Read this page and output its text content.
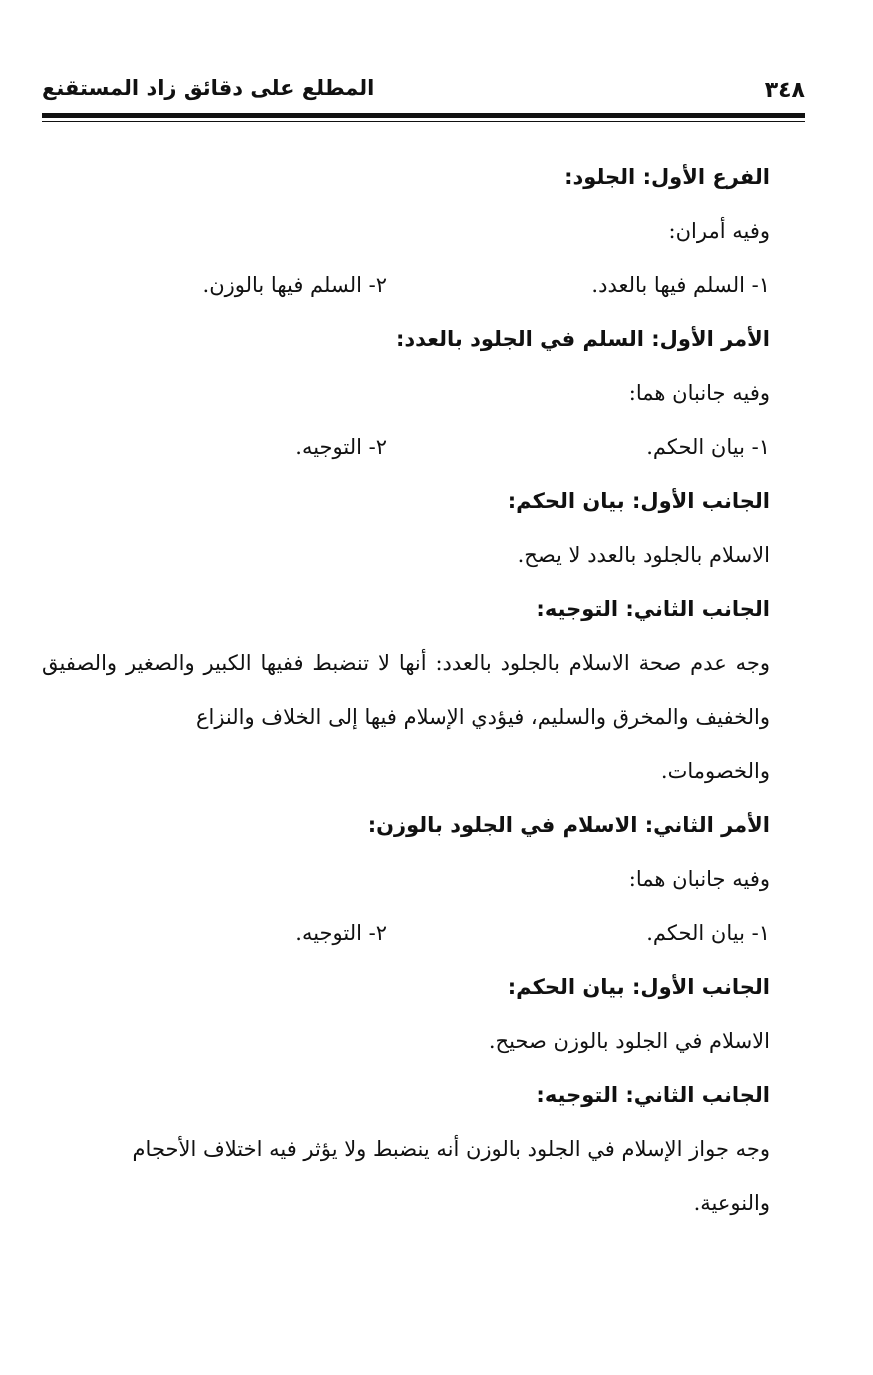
٣٤٨
المطلع على دقائق زاد المستقنع

الفرع الأول: الجلود:

وفيه أمران:

١- السلم فيها بالعدد.
٢- السلم فيها بالوزن.

الأمر الأول: السلم في الجلود بالعدد:

وفيه جانبان هما:

١- بيان الحكم.
٢- التوجيه.

الجانب الأول: بيان الحكم:

الاسلام بالجلود بالعدد لا يصح.

الجانب الثاني: التوجيه:

وجه عدم صحة الاسلام بالجلود بالعدد: أنها لا تنضبط ففيها الكبير والصغير والصفيق والخفيف والمخرق والسليم، فيؤدي الإسلام فيها إلى الخلاف والنزاع

والخصومات.

الأمر الثاني: الاسلام في الجلود بالوزن:

وفيه جانبان هما:

١- بيان الحكم.
٢- التوجيه.

الجانب الأول: بيان الحكم:

الاسلام في الجلود بالوزن صحيح.

الجانب الثاني: التوجيه:

وجه جواز الإسلام في الجلود بالوزن أنه ينضبط ولا يؤثر فيه اختلاف الأحجام

والنوعية.
